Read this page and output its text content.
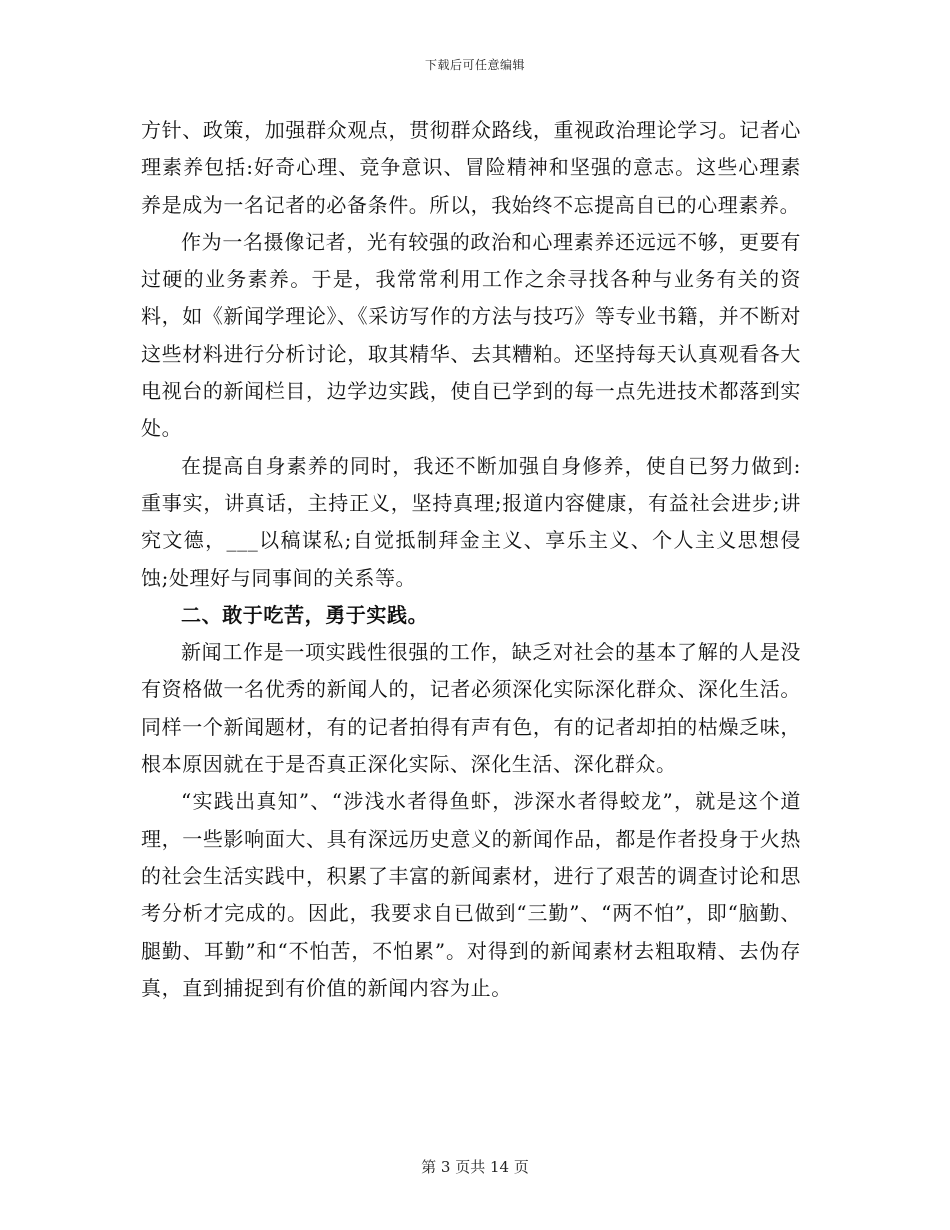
下载后可任意编辑

方针、政策，加强群众观点，贯彻群众路线，重视政治理论学习。记者心理素养包括:好奇心理、竞争意识、冒险精神和坚强的意志。这些心理素养是成为一名记者的必备条件。所以，我始终不忘提高自已的心理素养。

作为一名摄像记者，光有较强的政治和心理素养还远远不够，更要有过硬的业务素养。于是，我常常利用工作之余寻找各种与业务有关的资料，如《新闻学理论》、《采访写作的方法与技巧》等专业书籍，并不断对这些材料进行分析讨论，取其精华、去其糟粕。还坚持每天认真观看各大电视台的新闻栏目，边学边实践，使自已学到的每一点先进技术都落到实处。

在提高自身素养的同时，我还不断加强自身修养，使自已努力做到:重事实，讲真话，主持正义，坚持真理;报道内容健康，有益社会进步;讲究文德，___以稿谋私;自觉抵制拜金主义、享乐主义、个人主义思想侵蚀;处理好与同事间的关系等。

二、敢于吃苦，勇于实践。

新闻工作是一项实践性很强的工作，缺乏对社会的基本了解的人是没有资格做一名优秀的新闻人的，记者必须深化实际深化群众、深化生活。同样一个新闻题材，有的记者拍得有声有色，有的记者却拍的枯燥乏味，根本原因就在于是否真正深化实际、深化生活、深化群众。

“实践出真知”、“涉浅水者得鱼虾，涉深水者得蛟龙”，就是这个道理，一些影响面大、具有深远历史意义的新闻作品，都是作者投身于火热的社会生活实践中，积累了丰富的新闻素材，进行了艰苦的调查讨论和思考分析才完成的。因此，我要求自已做到“三勤”、“两不怕”，即“脑勤、腿勤、耳勤”和“不怕苦，不怕累”。对得到的新闻素材去粗取精、去伪存真，直到捕捉到有价值的新闻内容为止。

第 3 页共 14 页
